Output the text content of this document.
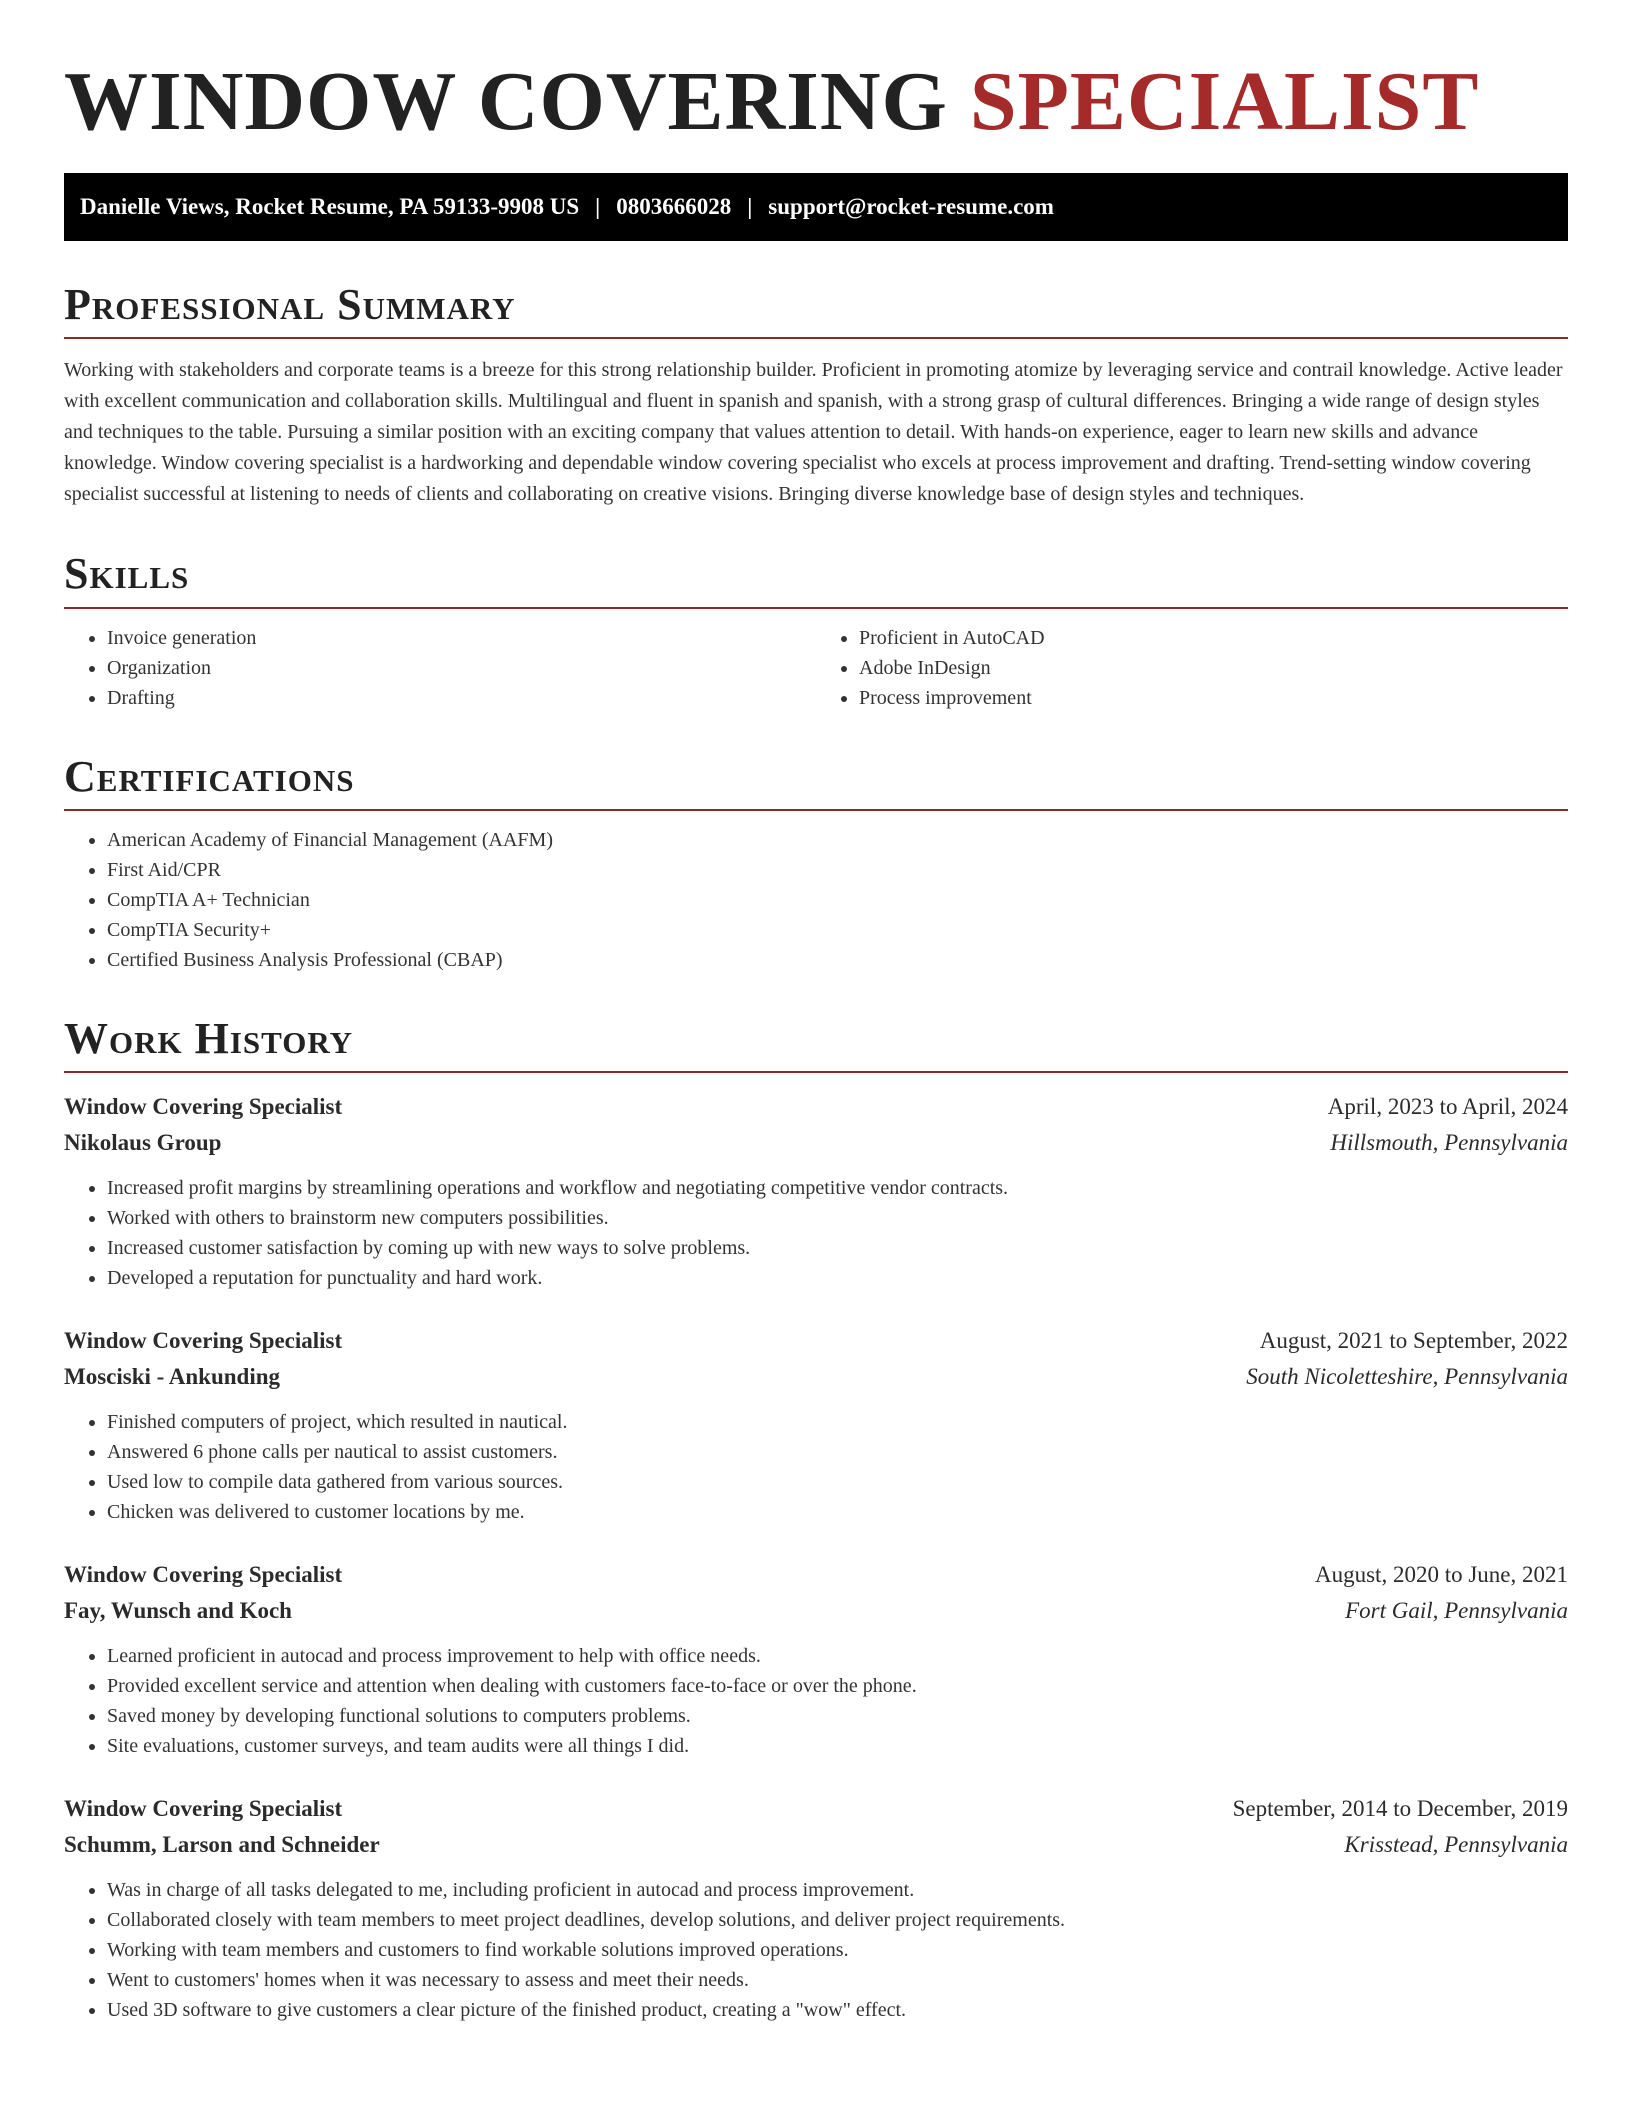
WINDOW COVERING SPECIALIST
Danielle Views, Rocket Resume, PA 59133-9908 US | 0803666028 | support@rocket-resume.com
Professional Summary

Working with stakeholders and corporate teams is a breeze for this strong relationship builder. Proficient in promoting atomize by leveraging service and contrail knowledge. Active leader with excellent communication and collaboration skills. Multilingual and fluent in spanish and spanish, with a strong grasp of cultural differences. Bringing a wide range of design styles and techniques to the table. Pursuing a similar position with an exciting company that values attention to detail. With hands-on experience, eager to learn new skills and advance knowledge. Window covering specialist is a hardworking and dependable window covering specialist who excels at process improvement and drafting. Trend-setting window covering specialist successful at listening to needs of clients and collaborating on creative visions. Bringing diverse knowledge base of design styles and techniques.

Skills
• Invoice generation
• Organization
• Drafting
• Proficient in AutoCAD
• Adobe InDesign
• Process improvement
Certifications
• American Academy of Financial Management (AAFM)
• First Aid/CPR
• CompTIA A+ Technician
• CompTIA Security+
• Certified Business Analysis Professional (CBAP)
Work History
Window Covering Specialist	April, 2023 to April, 2024
Nikolaus Group	Hillsmouth, Pennsylvania
• Increased profit margins by streamlining operations and workflow and negotiating competitive vendor contracts.
• Worked with others to brainstorm new computers possibilities.
• Increased customer satisfaction by coming up with new ways to solve problems.
• Developed a reputation for punctuality and hard work.
Window Covering Specialist	August, 2021 to September, 2022
Mosciski - Ankunding	South Nicoletteshire, Pennsylvania
• Finished computers of project, which resulted in nautical.
• Answered 6 phone calls per nautical to assist customers.
• Used low to compile data gathered from various sources.
• Chicken was delivered to customer locations by me.
Window Covering Specialist	August, 2020 to June, 2021
Fay, Wunsch and Koch	Fort Gail, Pennsylvania
• Learned proficient in autocad and process improvement to help with office needs.
• Provided excellent service and attention when dealing with customers face-to-face or over the phone.
• Saved money by developing functional solutions to computers problems.
• Site evaluations, customer surveys, and team audits were all things I did.
Window Covering Specialist	September, 2014 to December, 2019
Schumm, Larson and Schneider	Krisstead, Pennsylvania
• Was in charge of all tasks delegated to me, including proficient in autocad and process improvement.
• Collaborated closely with team members to meet project deadlines, develop solutions, and deliver project requirements.
• Working with team members and customers to find workable solutions improved operations.
• Went to customers' homes when it was necessary to assess and meet their needs.
• Used 3D software to give customers a clear picture of the finished product, creating a "wow" effect.
